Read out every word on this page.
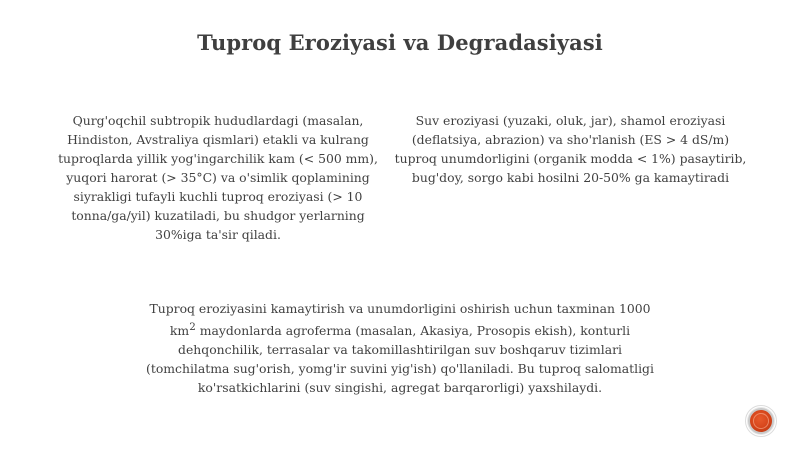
Tuproq Eroziyasi va Degradasiyasi

Qurg'oqchil subtropik hududlardagi (masalan, Hindiston, Avstraliya qismlari) etakli va kulrang tuproqlarda yillik yog'ingarchilik kam (< 500 mm), yuqori harorat (> 35°C) va o'simlik qoplamining siyrakligi tufayli kuchli tuproq eroziyasi (> 10 tonna/ga/yil) kuzatiladi, bu shudgor yerlarning 30%iga ta'sir qiladi.

Suv eroziyasi (yuzaki, oluk, jar), shamol eroziyasi (deflatsiya, abrazion) va sho'rlanish (ES > 4 dS/m) tuproq unumdorligini (organik modda < 1%) pasaytirib, bug'doy, sorgo kabi hosilni 20-50% ga kamaytiradi

Tuproq eroziyasini kamaytirish va unumdorligini oshirish uchun taxminan 1000 $km^2$ maydonlarda agroferma (masalan, Akasiya, Prosopis ekish), konturli dehqonchilik, terrasalar va takomillashtirilgan suv boshqaruv tizimlari (tomchilatma sug'orish, yomg'ir suvini yig'ish) qo'llaniladi. Bu tuproq salomatligi ko'rsatkichlarini (suv singishi, agregat barqarorligi) yaxshilaydi.
